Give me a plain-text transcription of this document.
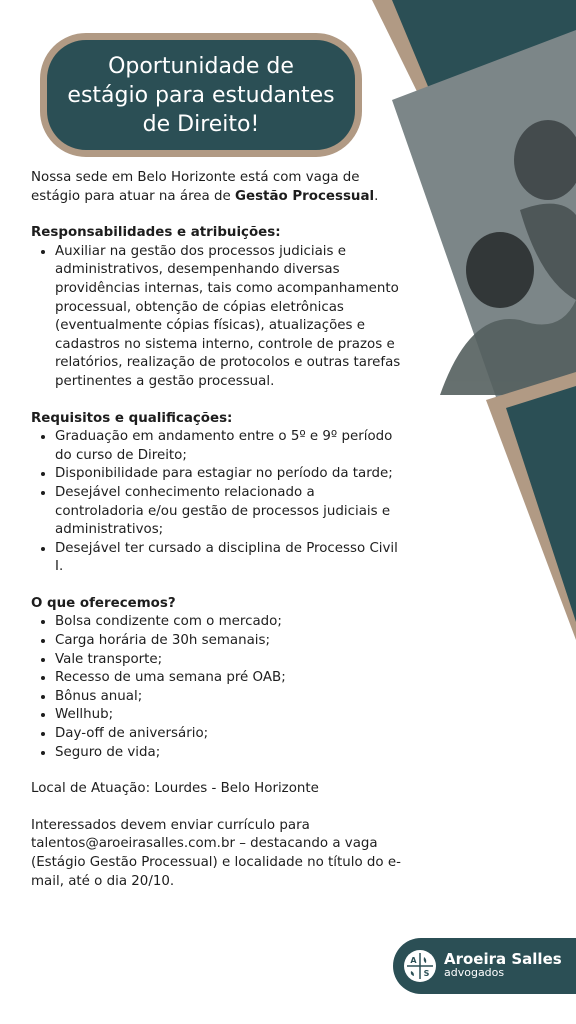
Oportunidade de
estágio para estudantes
de Direito!

Nossa sede em Belo Horizonte está com vaga de estágio para atuar na área de Gestão Processual.

Responsabilidades e atribuições:

• Auxiliar na gestão dos processos judiciais e administrativos, desempenhando diversas providências internas, tais como acompanhamento processual, obtenção de cópias eletrônicas (eventualmente cópias físicas), atualizações e cadastros no sistema interno, controle de prazos e relatórios, realização de protocolos e outras tarefas pertinentes a gestão processual.

Requisitos e qualificações:

• Graduação em andamento entre o 5º e 9º período do curso de Direito;
• Disponibilidade para estagiar no período da tarde;
• Desejável conhecimento relacionado a controladoria e/ou gestão de processos judiciais e administrativos;
• Desejável ter cursado a disciplina de Processo Civil I.

O que oferecemos?

• Bolsa condizente com o mercado;
• Carga horária de 30h semanais;
• Vale transporte;
• Recesso de uma semana pré OAB;
• Bônus anual;
• Wellhub;
• Day-off de aniversário;
• Seguro de vida;

Local de Atuação: Lourdes - Belo Horizonte

Interessados devem enviar currículo para talentos@aroeirasalles.com.br – destacando a vaga (Estágio Gestão Processual) e localidade no título do e-mail, até o dia 20/10.

A
S
Aroeira Salles
advogados
